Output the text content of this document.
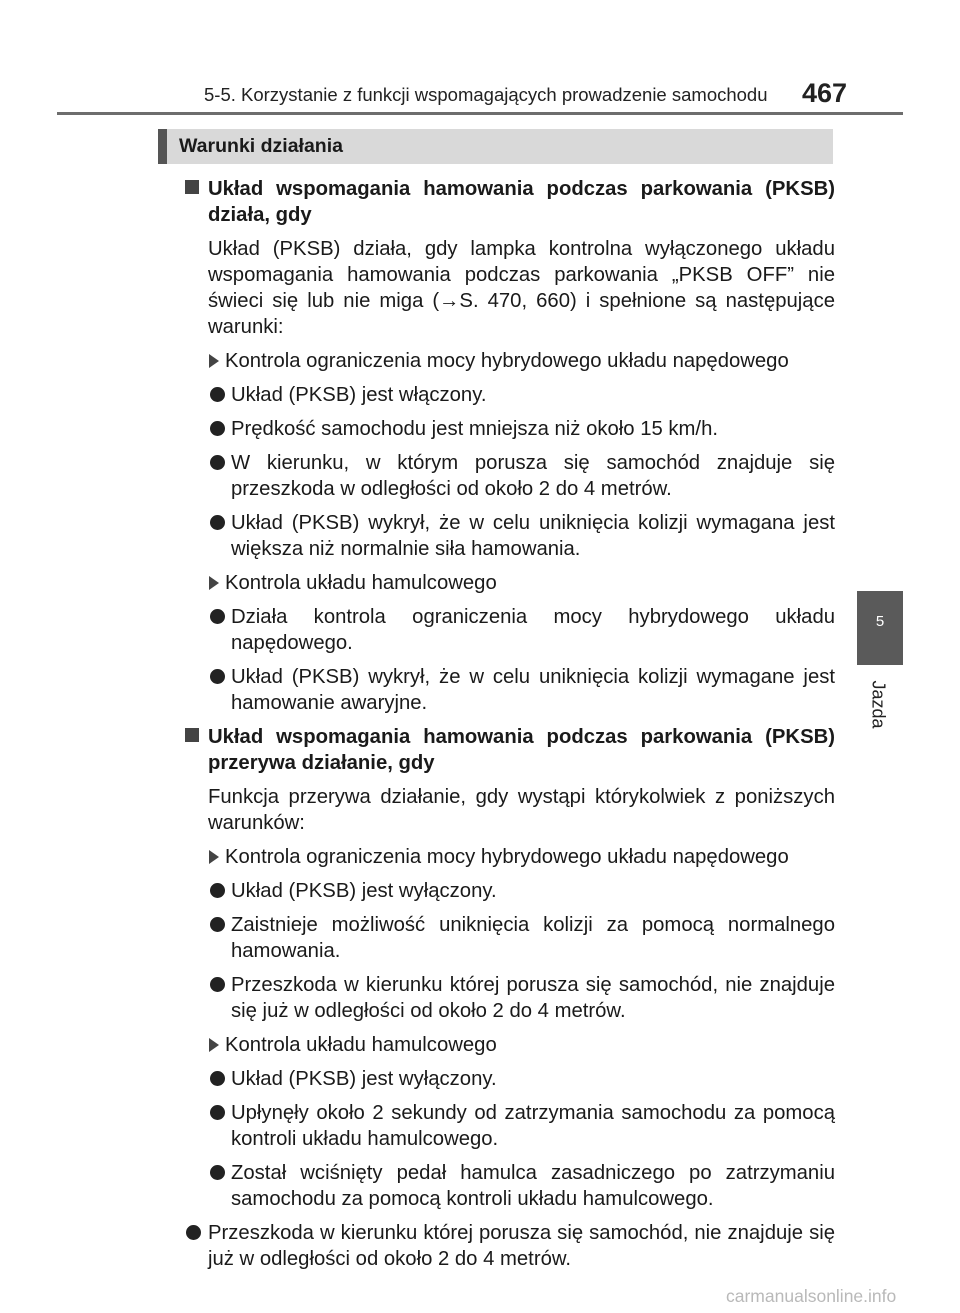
5-5. Korzystanie z funkcji wspomagających prowadzenie samochodu 467
Warunki działania
5
Jazda
Układ wspomagania hamowania podczas parkowania (PKSB) działa, gdy
Układ (PKSB) działa, gdy lampka kontrolna wyłączonego układu wspomagania hamowania podczas parkowania „PKSB OFF” nie świeci się lub nie miga (→S. 470, 660) i spełnione są następujące warunki:
Kontrola ograniczenia mocy hybrydowego układu napędowego
Układ (PKSB) jest włączony.
Prędkość samochodu jest mniejsza niż około 15 km/h.
W kierunku, w którym porusza się samochód znajduje się przeszkoda w odległości od około 2 do 4 metrów.
Układ (PKSB) wykrył, że w celu uniknięcia kolizji wymagana jest większa niż normalnie siła hamowania.
Kontrola układu hamulcowego
Działa kontrola ograniczenia mocy hybrydowego układu napędowego.
Układ (PKSB) wykrył, że w celu uniknięcia kolizji wymagane jest hamowanie awaryjne.
Układ wspomagania hamowania podczas parkowania (PKSB) przerywa działanie, gdy
Funkcja przerywa działanie, gdy wystąpi którykolwiek z poniższych warunków:
Kontrola ograniczenia mocy hybrydowego układu napędowego
Układ (PKSB) jest wyłączony.
Zaistnieje możliwość uniknięcia kolizji za pomocą normalnego hamowania.
Przeszkoda w kierunku której porusza się samochód, nie znajduje się już w odległości od około 2 do 4 metrów.
Kontrola układu hamulcowego
Układ (PKSB) jest wyłączony.
Upłynęły około 2 sekundy od zatrzymania samochodu za pomocą kontroli układu hamulcowego.
Został wciśnięty pedał hamulca zasadniczego po zatrzymaniu samochodu za pomocą kontroli układu hamulcowego.
Przeszkoda w kierunku której porusza się samochód, nie znajduje się już w odległości od około 2 do 4 metrów.
carmanualsonline.info
